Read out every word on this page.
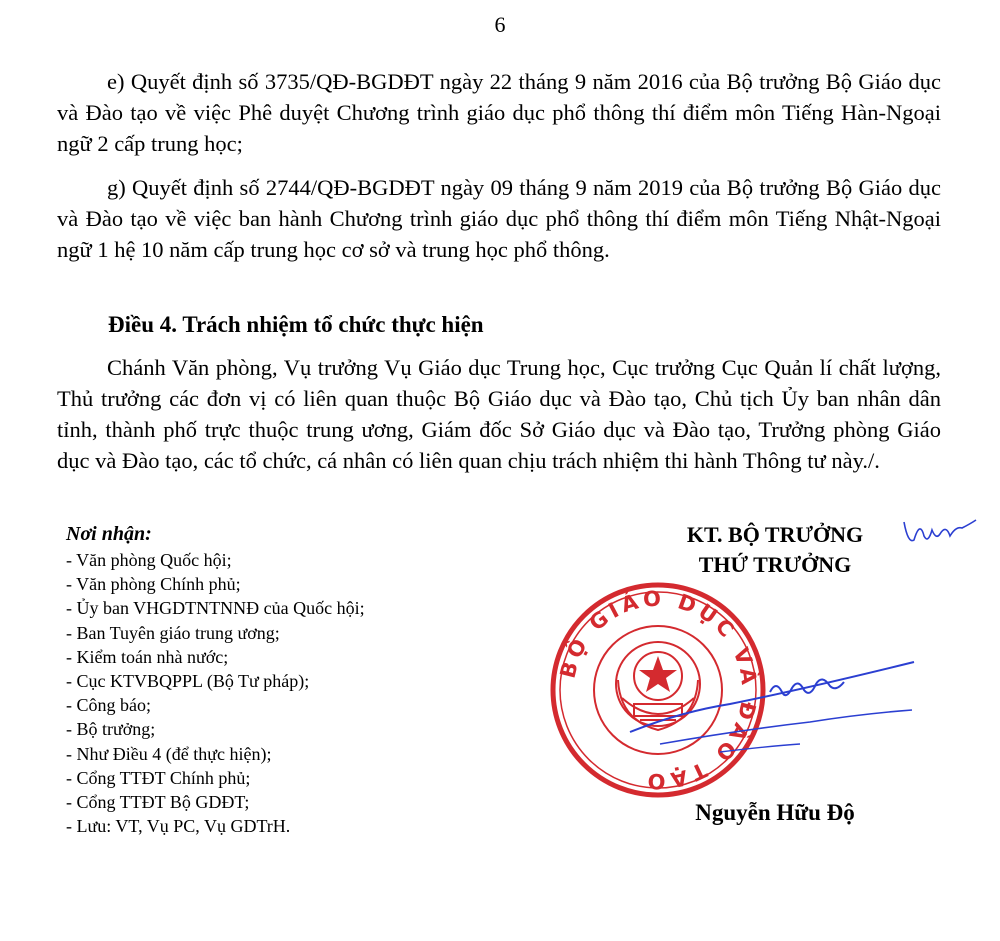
6

e) Quyết định số 3735/QĐ-BGDĐT ngày 22 tháng 9 năm 2016 của Bộ trưởng Bộ Giáo dục và Đào tạo về việc Phê duyệt Chương trình giáo dục phổ thông thí điểm môn Tiếng Hàn-Ngoại ngữ 2 cấp trung học;

g) Quyết định số 2744/QĐ-BGDĐT ngày 09 tháng 9 năm 2019 của Bộ trưởng Bộ Giáo dục và Đào tạo về việc ban hành Chương trình giáo dục phổ thông thí điểm môn Tiếng Nhật-Ngoại ngữ 1 hệ 10 năm cấp trung học cơ sở và trung học phổ thông.

Điều 4. Trách nhiệm tổ chức thực hiện

Chánh Văn phòng, Vụ trưởng Vụ Giáo dục Trung học, Cục trưởng Cục Quản lí chất lượng, Thủ trưởng các đơn vị có liên quan thuộc Bộ Giáo dục và Đào tạo, Chủ tịch Ủy ban nhân dân tỉnh, thành phố trực thuộc trung ương, Giám đốc Sở Giáo dục và Đào tạo, Trưởng phòng Giáo dục và Đào tạo, các tổ chức, cá nhân có liên quan chịu trách nhiệm thi hành Thông tư này./.

Nơi nhận:

- Văn phòng Quốc hội;
- Văn phòng Chính phủ;
- Ủy ban VHGDTNTNNĐ của Quốc hội;
- Ban Tuyên giáo trung ương;
- Kiểm toán nhà nước;
- Cục KTVBQPPL (Bộ Tư pháp);
- Công báo;
- Bộ trưởng;
- Như Điều 4 (để thực hiện);
- Cổng TTĐT Chính phủ;
- Cổng TTĐT Bộ GDĐT;
- Lưu: VT, Vụ PC, Vụ GDTrH.
KT. BỘ TRƯỞNG
THỨ TRƯỞNG
BỘ GIÁO DỤC VÀ ĐÀO TẠO
Nguyễn Hữu Độ
